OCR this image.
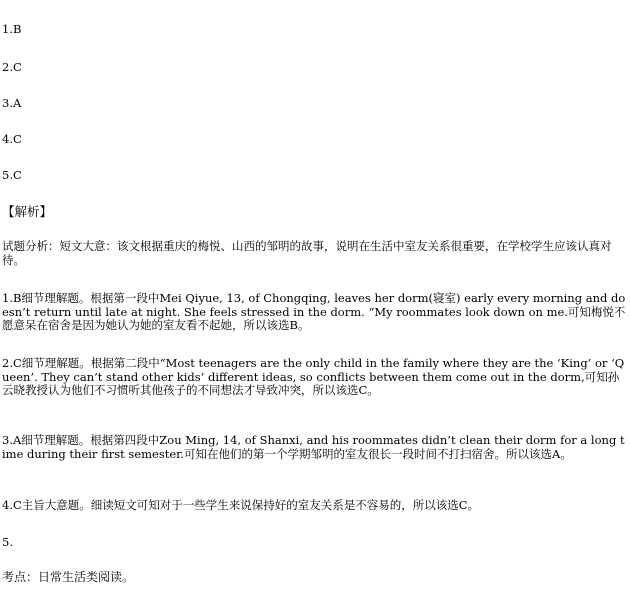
1.B
2.C
3.A
4.C
5.C
【解析】
试题分析：短文大意：该文根据重庆的梅悦、山西的邹明的故事，说明在生活中室友关系很重要，在学校学生应该认真对待。
1.B细节理解题。根据第一段中Mei Qiyue, 13, of Chongqing, leaves her dorm(寝室) early every morning and doesn’t return until late at night. She feels stressed in the dorm. “My roommates look down on me.可知梅悦不愿意呆在宿舍是因为她认为她的室友看不起她，所以该选B。
2.C细节理解题。根据第二段中“Most teenagers are the only child in the family where they are the ‘King’ or ‘Queen’. They can’t stand other kids’ different ideas, so conflicts between them come out in the dorm,可知孙云晓教授认为他们不习惯听其他孩子的不同想法才导致冲突，所以该选C。
3.A细节理解题。根据第四段中Zou Ming, 14, of Shanxi, and his roommates didn’t clean their dorm for a long time during their first semester.可知在他们的第一个学期邹明的室友很长一段时间不打扫宿舍。所以该选A。
4.C主旨大意题。细读短文可知对于一些学生来说保持好的室友关系是不容易的，所以该选C。
5.
考点：日常生活类阅读。
